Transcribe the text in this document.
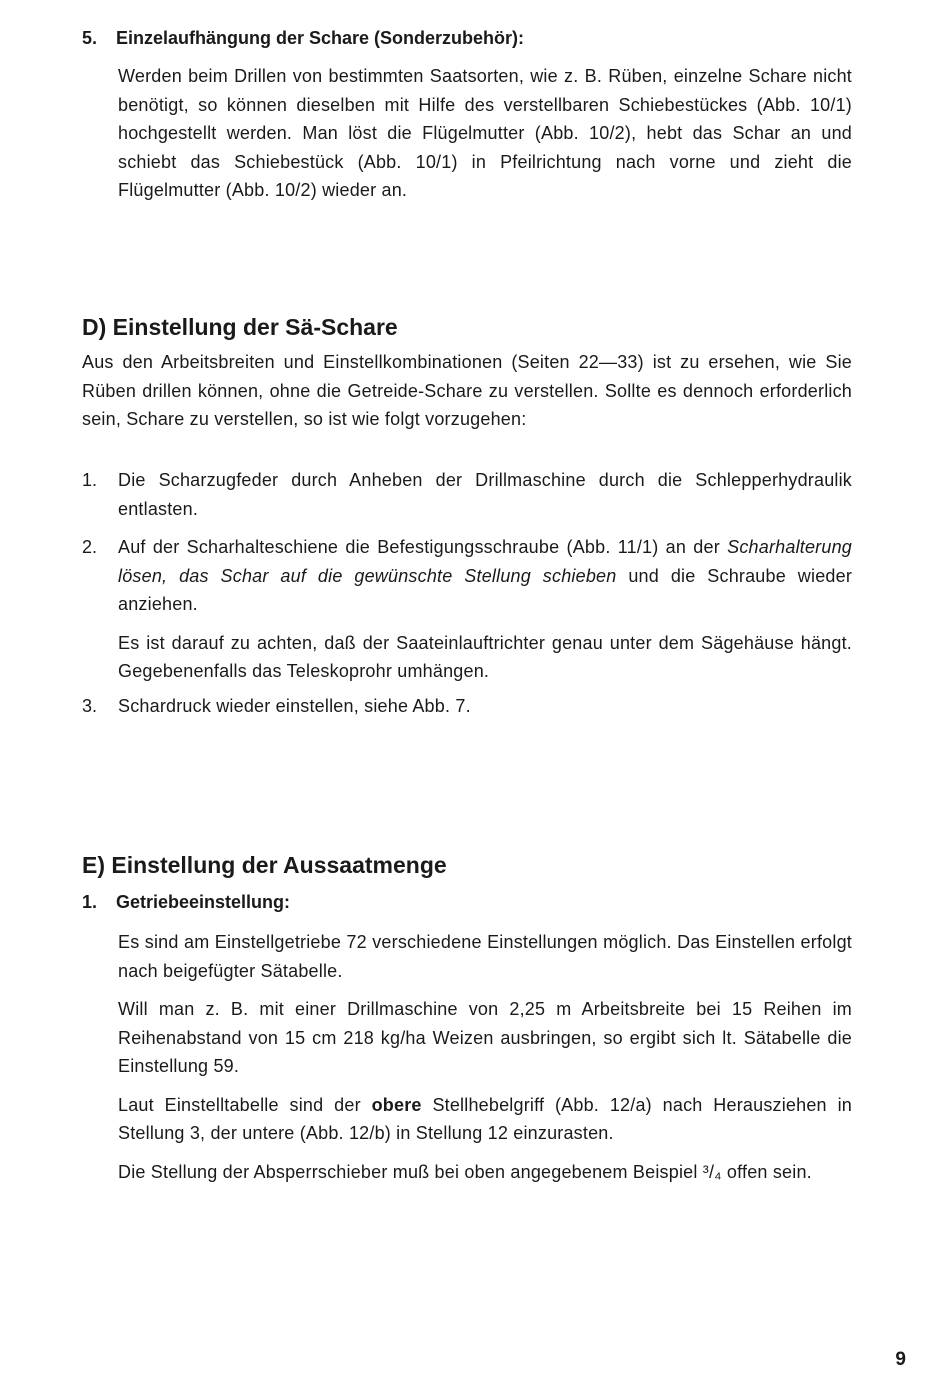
5. Einzelaufhängung der Schare (Sonderzubehör):

Werden beim Drillen von bestimmten Saatsorten, wie z. B. Rüben, einzelne Schare nicht benötigt, so können dieselben mit Hilfe des verstellbaren Schiebestückes (Abb. 10/1) hochgestellt werden. Man löst die Flügelmutter (Abb. 10/2), hebt das Schar an und schiebt das Schiebestück (Abb. 10/1) in Pfeilrichtung nach vorne und zieht die Flügelmutter (Abb. 10/2) wieder an.

D) Einstellung der Sä-Schare

Aus den Arbeitsbreiten und Einstellkombinationen (Seiten 22—33) ist zu ersehen, wie Sie Rüben drillen können, ohne die Getreide-Schare zu verstellen. Sollte es dennoch erforderlich sein, Schare zu verstellen, so ist wie folgt vorzugehen:

1. Die Scharzugfeder durch Anheben der Drillmaschine durch die Schlepperhydraulik entlasten.

2. Auf der Scharhalteschiene die Befestigungsschraube (Abb. 11/1) an der Scharhalterung lösen, das Schar auf die gewünschte Stellung schieben und die Schraube wieder anziehen.

Es ist darauf zu achten, daß der Saateinlauftrichter genau unter dem Sägehäuse hängt. Gegebenenfalls das Teleskoprohr umhängen.

3. Schardruck wieder einstellen, siehe Abb. 7.

E) Einstellung der Aussaatmenge
1. Getriebeeinstellung:

Es sind am Einstellgetriebe 72 verschiedene Einstellungen möglich. Das Einstellen erfolgt nach beigefügter Sätabelle.

Will man z. B. mit einer Drillmaschine von 2,25 m Arbeitsbreite bei 15 Reihen im Reihenabstand von 15 cm 218 kg/ha Weizen ausbringen, so ergibt sich lt. Sätabelle die Einstellung 59.

Laut Einstelltabelle sind der obere Stellhebelgriff (Abb. 12/a) nach Herausziehen in Stellung 3, der untere (Abb. 12/b) in Stellung 12 einzurasten.

Die Stellung der Absperrschieber muß bei oben angegebenem Beispiel ³/₄ offen sein.

9
